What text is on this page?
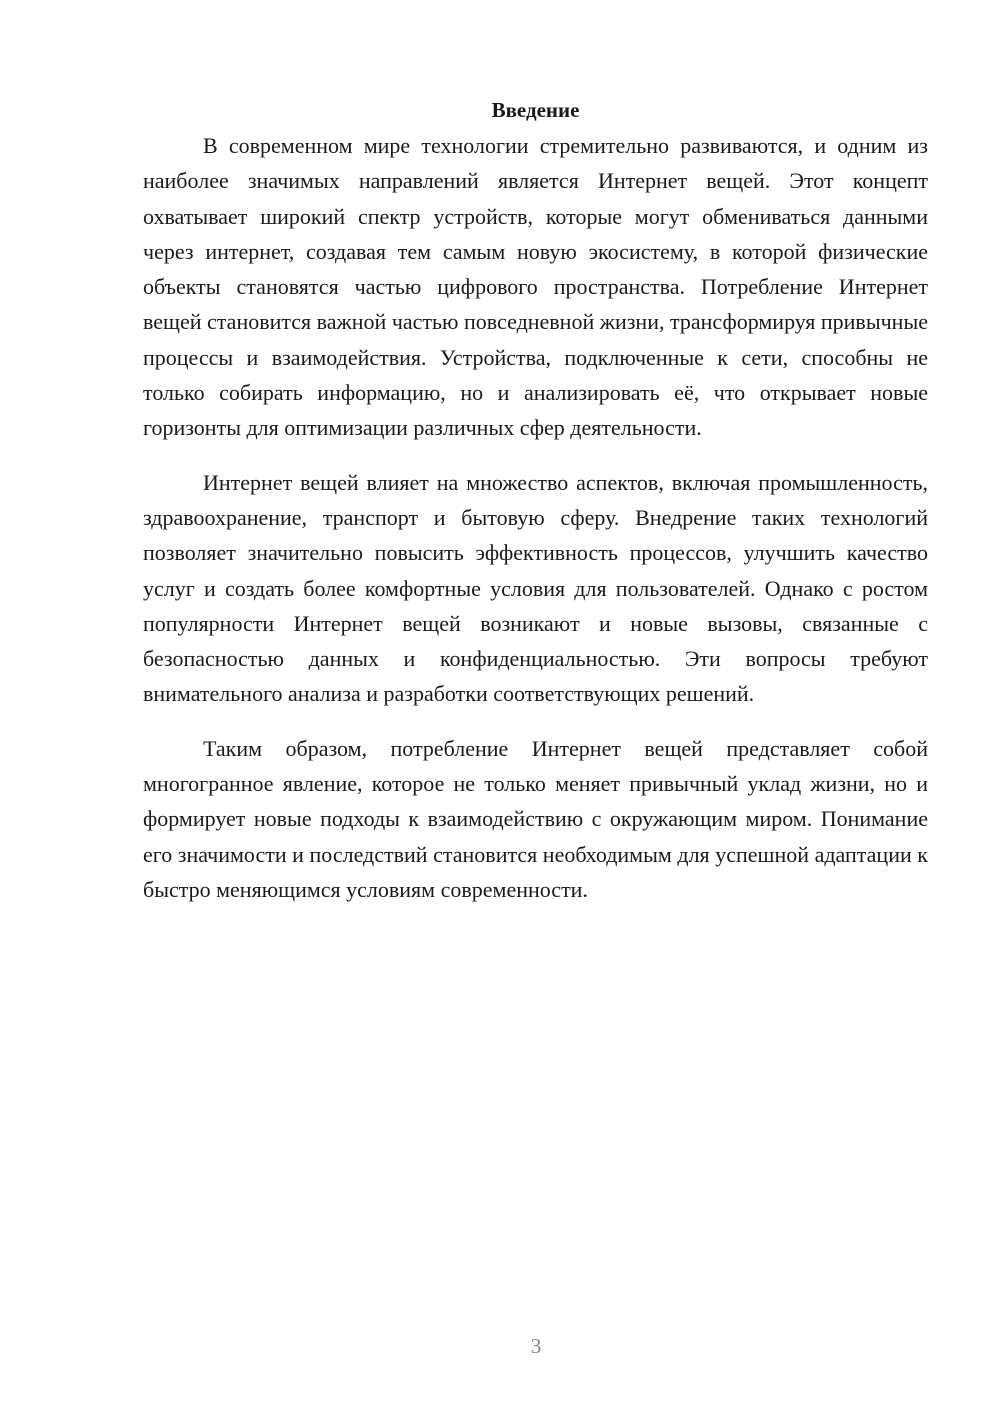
Введение

В современном мире технологии стремительно развиваются, и одним из наиболее значимых направлений является Интернет вещей. Этот концепт охватывает широкий спектр устройств, которые могут обмениваться данными через интернет, создавая тем самым новую экосистему, в которой физические объекты становятся частью цифрового пространства. Потребление Интернет вещей становится важной частью повседневной жизни, трансформируя привычные процессы и взаимодействия. Устройства, подключенные к сети, способны не только собирать информацию, но и анализировать её, что открывает новые горизонты для оптимизации различных сфер деятельности.

Интернет вещей влияет на множество аспектов, включая промышленность, здравоохранение, транспорт и бытовую сферу. Внедрение таких технологий позволяет значительно повысить эффективность процессов, улучшить качество услуг и создать более комфортные условия для пользователей. Однако с ростом популярности Интернет вещей возникают и новые вызовы, связанные с безопасностью данных и конфиденциальностью. Эти вопросы требуют внимательного анализа и разработки соответствующих решений.

Таким образом, потребление Интернет вещей представляет собой многогранное явление, которое не только меняет привычный уклад жизни, но и формирует новые подходы к взаимодействию с окружающим миром. Понимание его значимости и последствий становится необходимым для успешной адаптации к быстро меняющимся условиям современности.

3
